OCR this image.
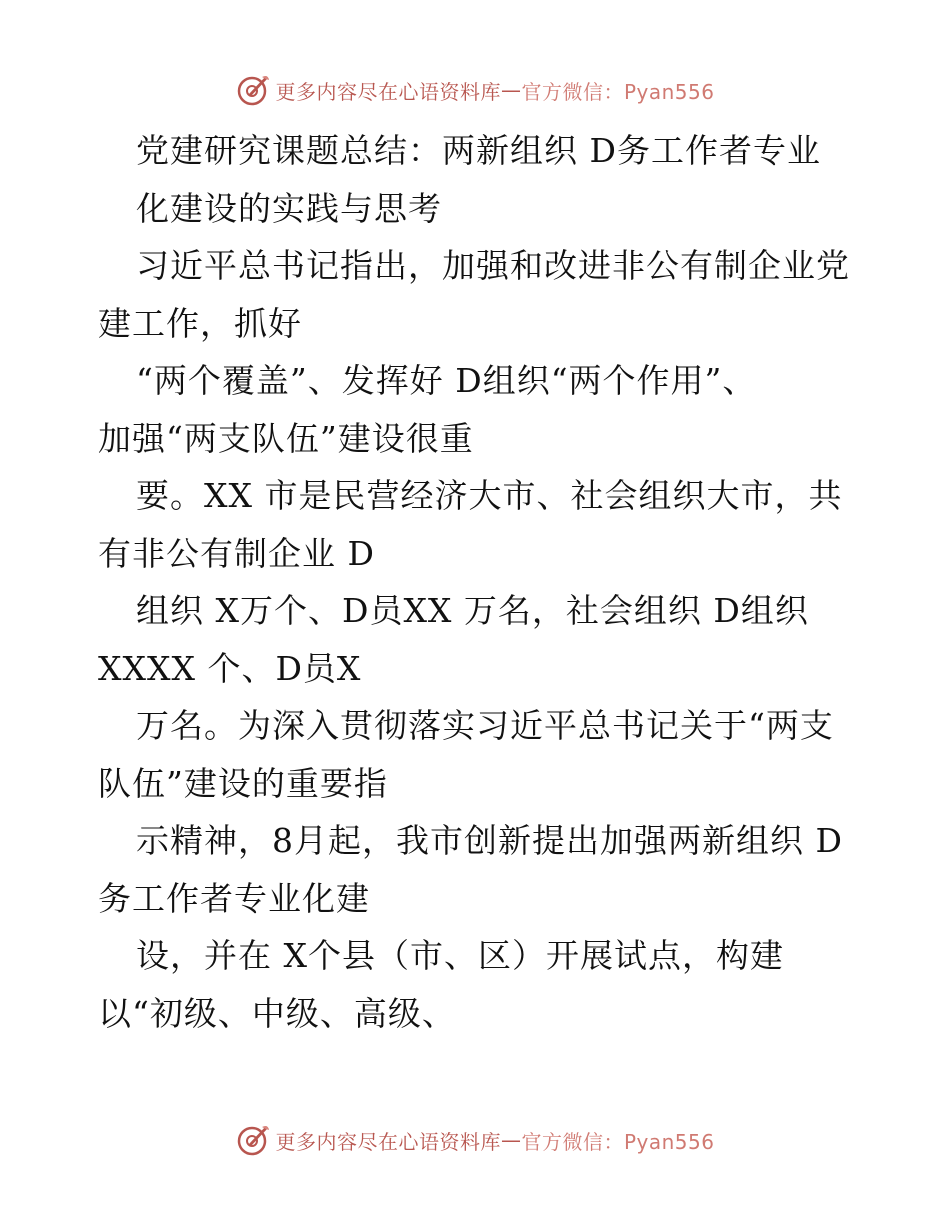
更多内容尽在心语资料库 — 官方微信：Pyan556

党建研究课题总结：两新组织 D务工作者专业

化建设的实践与思考

习近平总书记指出，加强和改进非公有制企业党

建工作，抓好

“两个覆盖”、发挥好 D组织“两个作用”、

加强“两支队伍”建设很重

要。XX 市是民营经济大市、社会组织大市，共

有非公有制企业 D

组织 X万个、D员XX 万名，社会组织 D组织

XXXX 个、D员X

万名。为深入贯彻落实习近平总书记关于“两支

队伍”建设的重要指

示精神，8月起，我市创新提出加强两新组织 D

务工作者专业化建

设，并在 X个县（市、区）开展试点，构建

以“初级、中级、高级、

更多内容尽在心语资料库 — 官方微信：Pyan556
